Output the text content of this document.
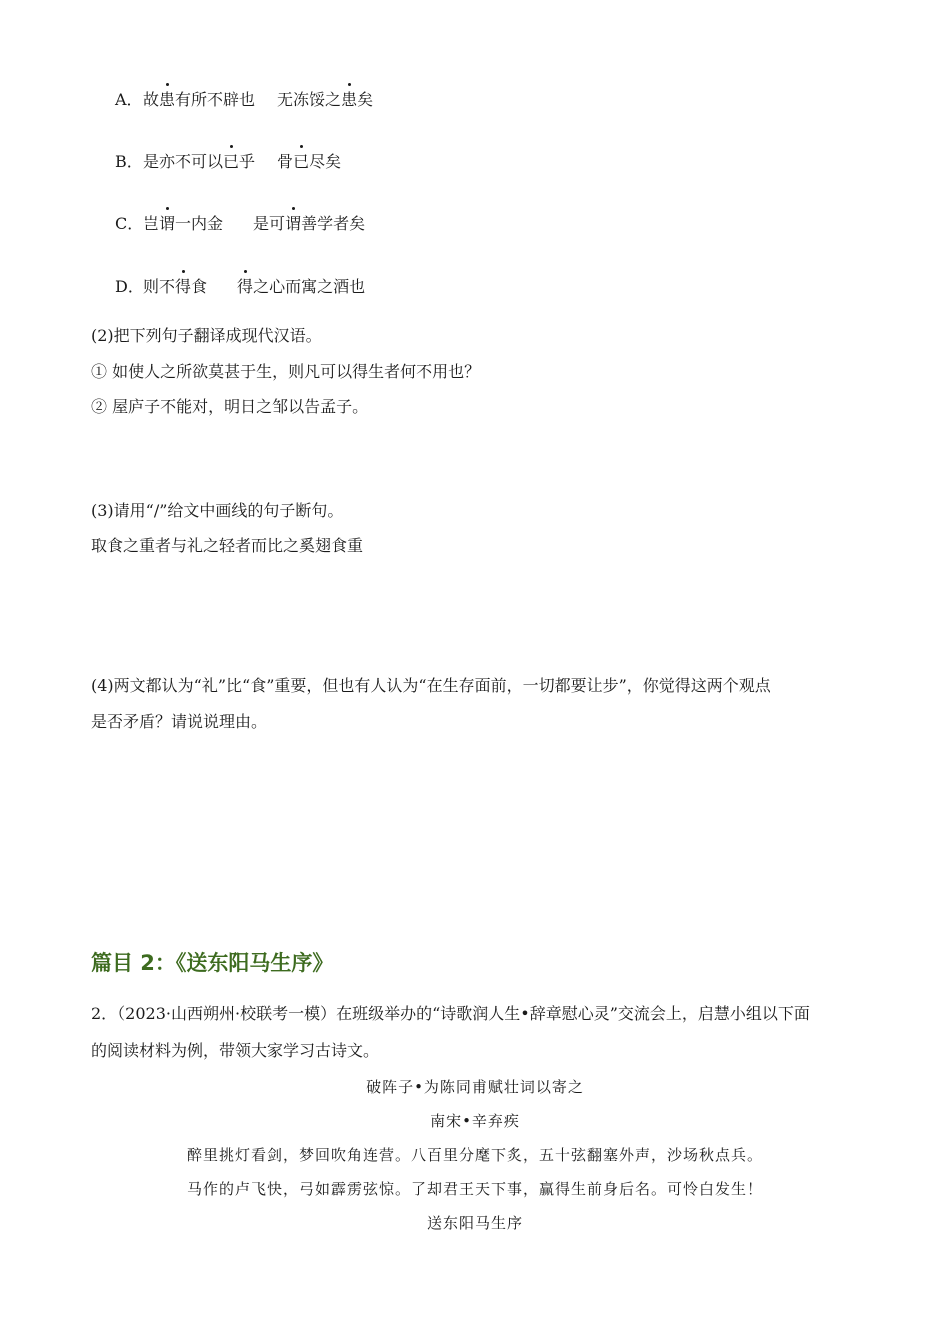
A．故患有所不辟也 无冻馁之患矣
B．是亦不可以已乎 骨已尽矣
C．岂谓一内金 是可谓善学者矣
D．则不得食 得之心而寓之酒也
(2)把下列句子翻译成现代汉语。
① 如使人之所欲莫甚于生，则凡可以得生者何不用也？
② 屋庐子不能对，明日之邹以告孟子。
(3)请用“/”给文中画线的句子断句。
取食之重者与礼之轻者而比之奚翅食重
(4)两文都认为“礼”比“食”重要，但也有人认为“在生存面前，一切都要让步”，你觉得这两个观点
是否矛盾？请说说理由。
篇目 2：《送东阳马生序》
2．（2023·山西朔州·校联考一模）在班级举办的“诗歌润人生•辞章慰心灵”交流会上，启慧小组以下面
的阅读材料为例，带领大家学习古诗文。
破阵子•为陈同甫赋壮词以寄之
南宋•辛弃疾
醉里挑灯看剑，梦回吹角连营。八百里分麾下炙，五十弦翻塞外声，沙场秋点兵。
马作的卢飞快，弓如霹雳弦惊。了却君王天下事，赢得生前身后名。可怜白发生！
送东阳马生序
